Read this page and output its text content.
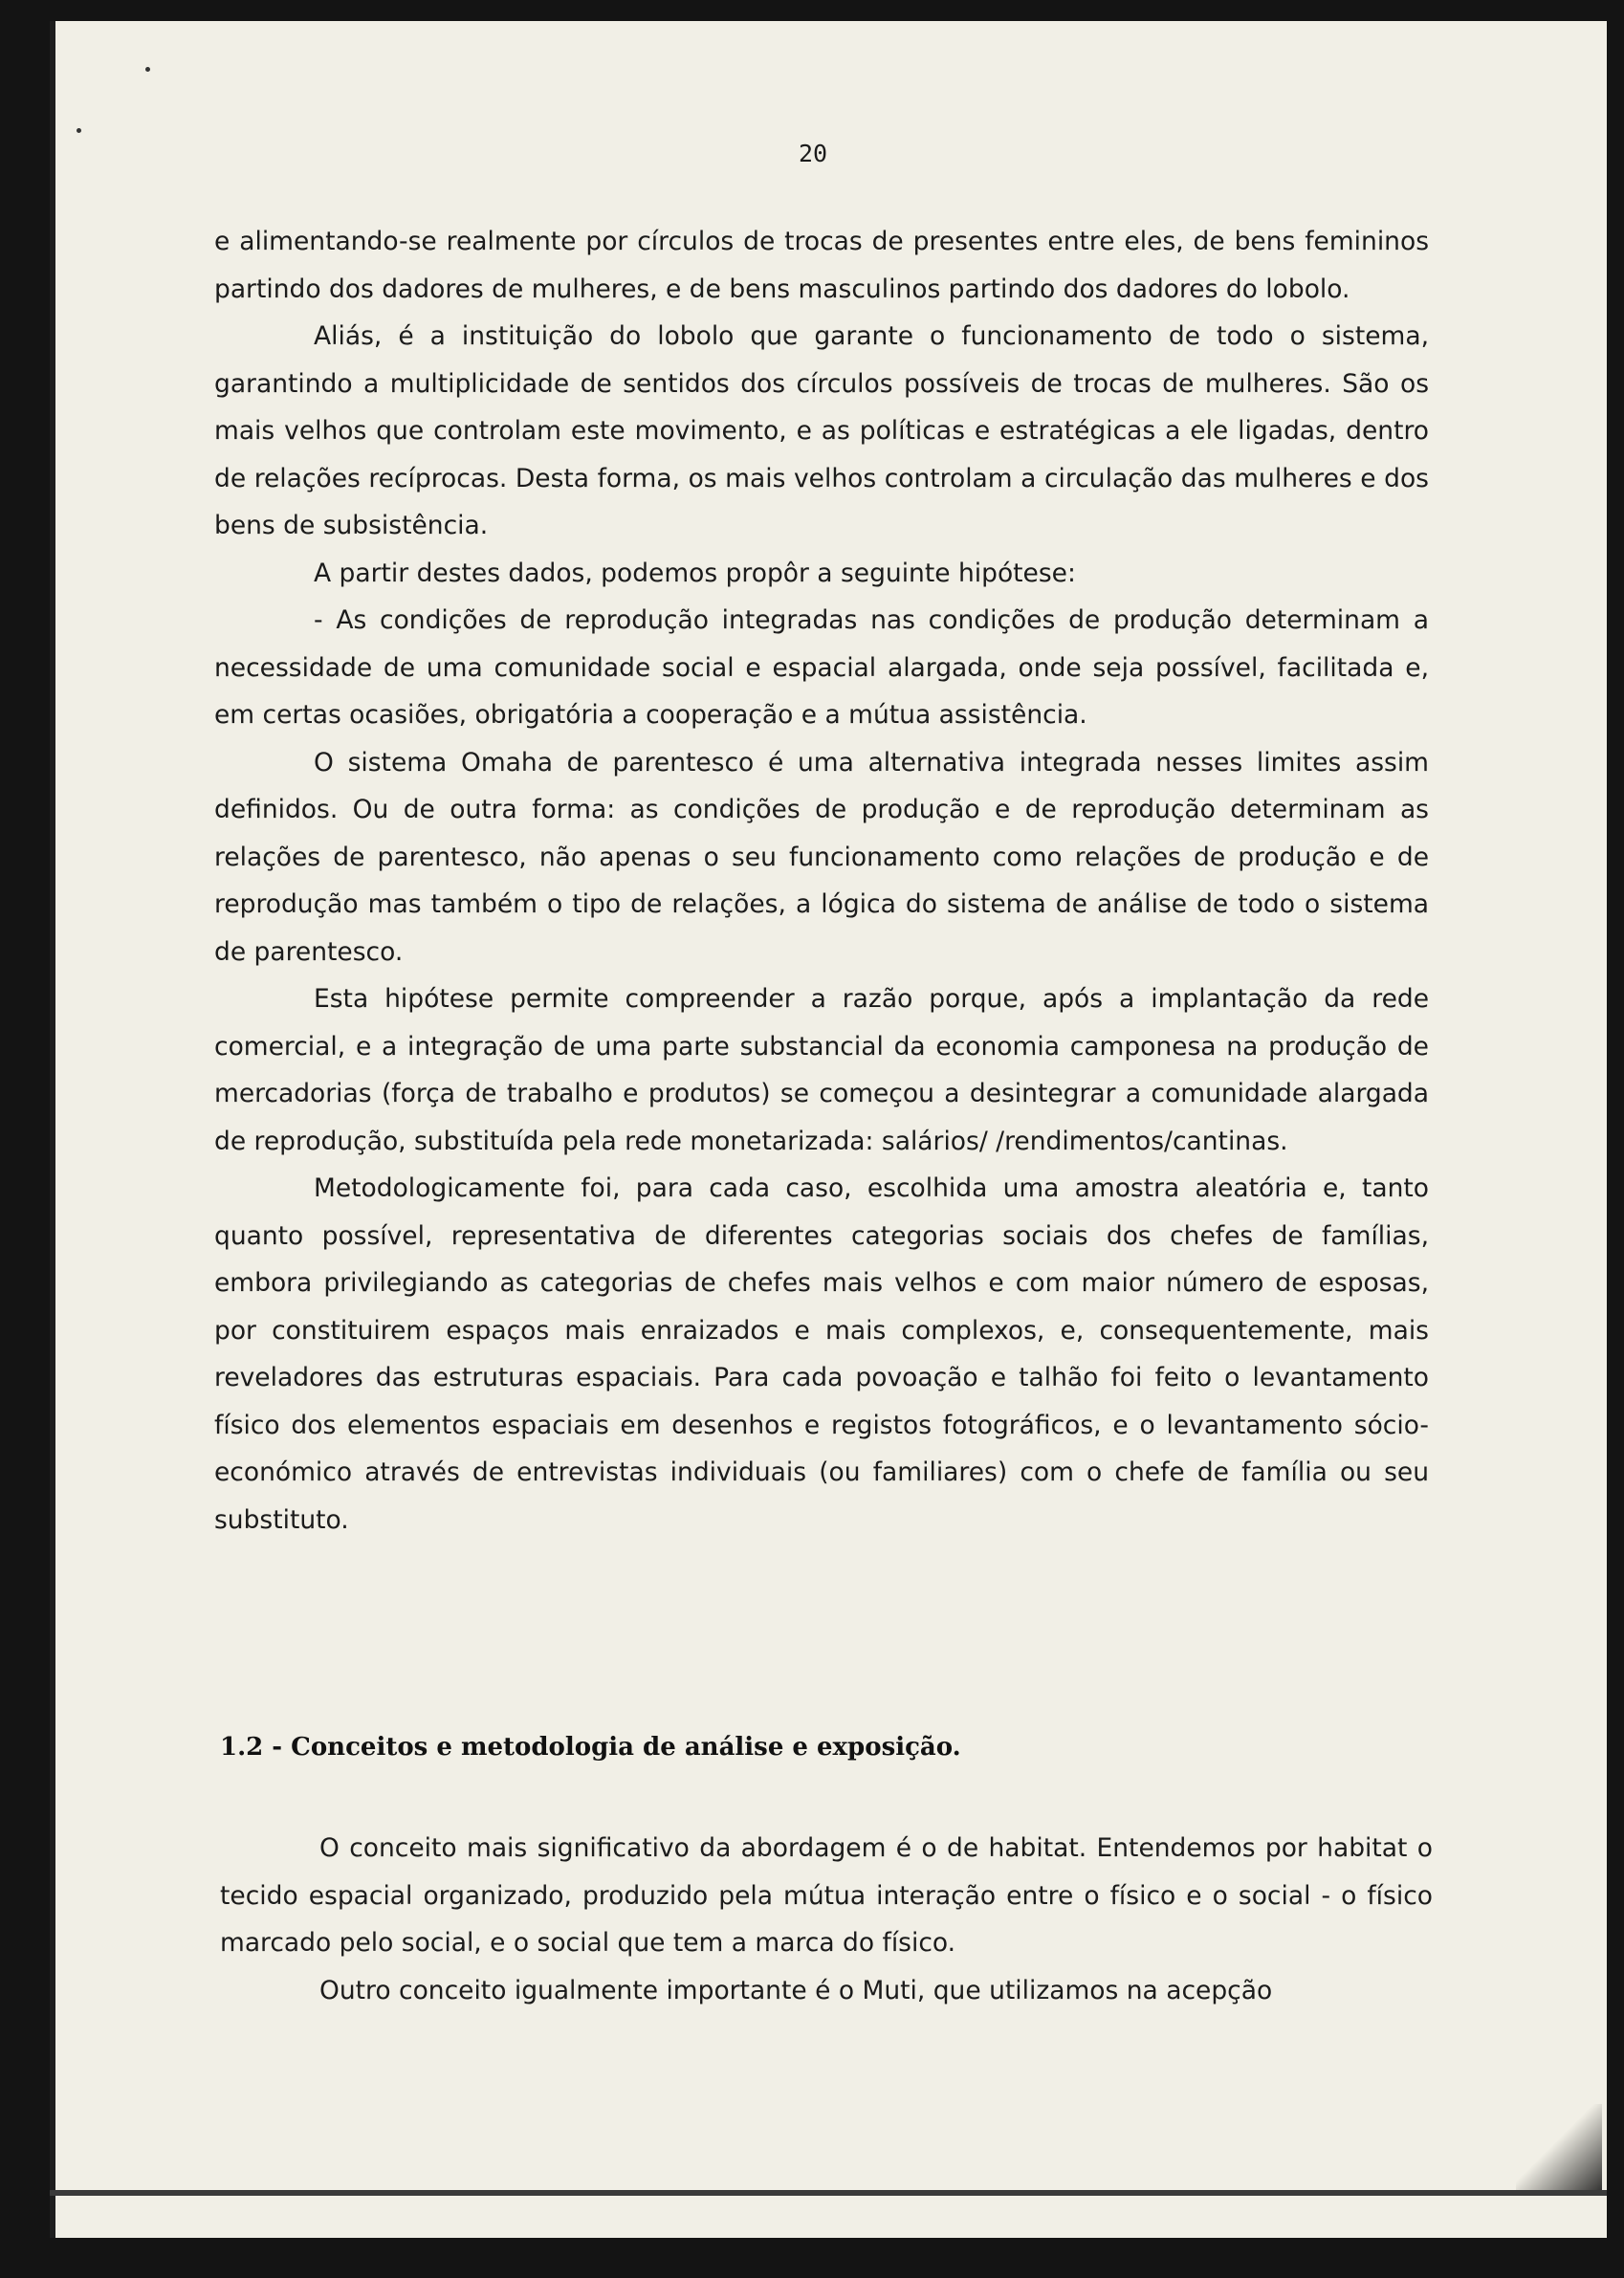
20

e alimentando-se realmente por círculos de trocas de presentes entre eles, de bens femininos partindo dos dadores de mulheres, e de bens masculinos partindo dos dadores do lobolo.

Aliás, é a instituição do lobolo que garante o funcionamento de todo o sistema, garantindo a multiplicidade de sentidos dos círculos possíveis de trocas de mulheres. São os mais velhos que controlam este movimento, e as políticas e estratégicas a ele ligadas, dentro de relações recíprocas. Desta forma, os mais velhos controlam a circulação das mulheres e dos bens de subsistência.

A partir destes dados, podemos propôr a seguinte hipótese:

- As condições de reprodução integradas nas condições de produção determinam a necessidade de uma comunidade social e espacial alargada, onde seja possível, facilitada e, em certas ocasiões, obrigatória a cooperação e a mútua assistência.

O sistema Omaha de parentesco é uma alternativa integrada nesses limites assim definidos. Ou de outra forma: as condições de produção e de reprodução determinam as relações de parentesco, não apenas o seu funcionamento como relações de produção e de reprodução mas também o tipo de relações, a lógica do sistema de análise de todo o sistema de parentesco.

Esta hipótese permite compreender a razão porque, após a implantação da rede comercial, e a integração de uma parte substancial da economia camponesa na produção de mercadorias (força de trabalho e produtos) se começou a desintegrar a comunidade alargada de reprodução, substituída pela rede monetarizada: salários/ /rendimentos/cantinas.

Metodologicamente foi, para cada caso, escolhida uma amostra aleatória e, tanto quanto possível, representativa de diferentes categorias sociais dos chefes de famílias, embora privilegiando as categorias de chefes mais velhos e com maior número de esposas, por constituirem espaços mais enraizados e mais complexos, e, consequentemente, mais reveladores das estruturas espaciais. Para cada povoação e talhão foi feito o levantamento físico dos elementos espaciais em desenhos e registos fotográficos, e o levantamento sócio-económico através de entrevistas individuais (ou familiares) com o chefe de família ou seu substituto.

1.2 - Conceitos e metodologia de análise e exposição.

O conceito mais significativo da abordagem é o de habitat. Entendemos por habitat o tecido espacial organizado, produzido pela mútua interação entre o físico e o social - o físico marcado pelo social, e o social que tem a marca do físico.

Outro conceito igualmente importante é o Muti, que utilizamos na acepção
